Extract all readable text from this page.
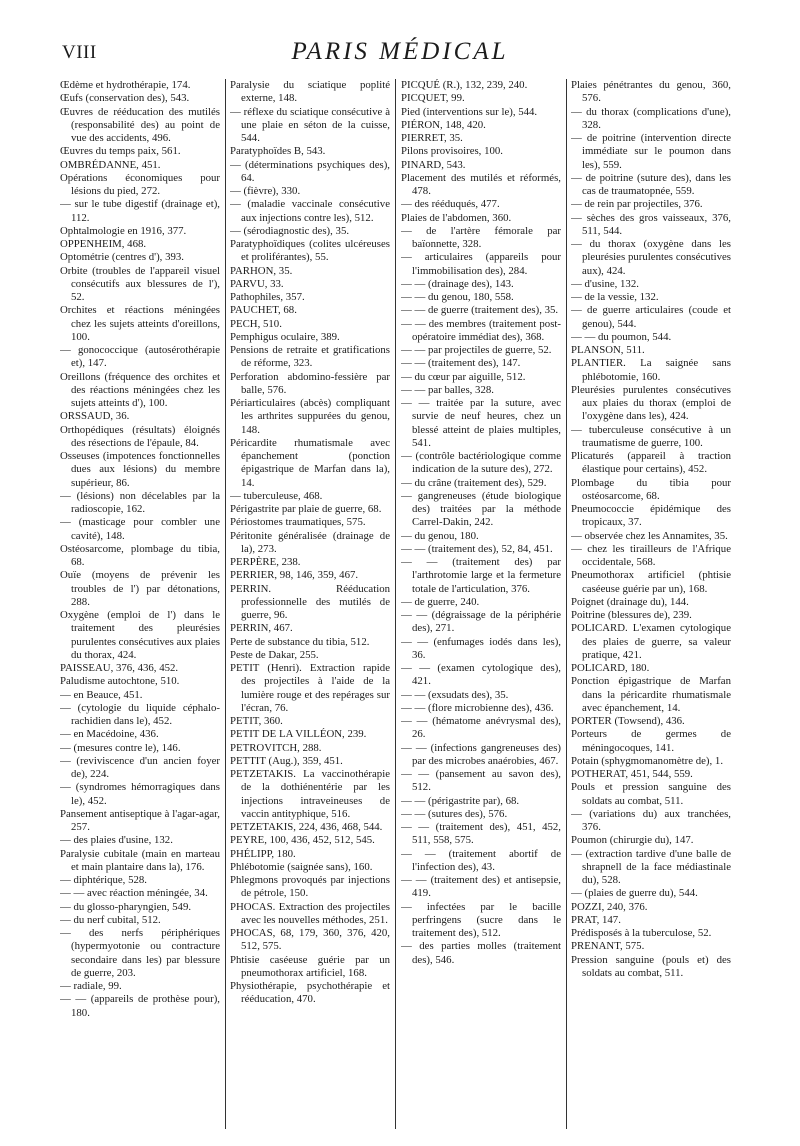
VIII	PARIS MÉDICAL

Œdème et hydrothérapie, 174.

Œufs (conservation des), 543.

Œuvres de rééducation des mutilés (responsabilité des) au point de vue des accidents, 496.

Œuvres du temps paix, 561.

OMBRÉDANNE, 451.

Opérations économiques pour lésions du pied, 272.

— sur le tube digestif (drainage et), 112.

Ophtalmologie en 1916, 377.

OPPENHEIM, 468.

Optométrie (centres d'), 393.

Orbite (troubles de l'appareil visuel consécutifs aux blessures de l'), 52.

Orchites et réactions méningées chez les sujets atteints d'oreillons, 100.

— gonococcique (autosérothérapie et), 147.

Oreillons (fréquence des orchites et des réactions méningées chez les sujets atteints d'), 100.

ORSSAUD, 36.

Orthopédiques (résultats) éloignés des résections de l'épaule, 84.

Osseuses (impotences fonctionnelles dues aux lésions) du membre supérieur, 86.

— (lésions) non décelables par la radioscopie, 162.

— (masticage pour combler une cavité), 148.

Ostéosarcome, plombage du tibia, 68.

Ouïe (moyens de prévenir les troubles de l') par détonations, 288.

Oxygène (emploi de l') dans le traitement des pleurésies purulentes consécutives aux plaies du thorax, 424.

PAISSEAU, 376, 436, 452.

Paludisme autochtone, 510.

— en Beauce, 451.

— (cytologie du liquide céphalo-rachidien dans le), 452.

— en Macédoine, 436.

— (mesures contre le), 146.

— (reviviscence d'un ancien foyer de), 224.

— (syndromes hémorragiques dans le), 452.

Pansement antiseptique à l'agar-agar, 257.

— des plaies d'usine, 132.

Paralysie cubitale (main en marteau et main plantaire dans la), 176.

— diphtérique, 528.

— — avec réaction méningée, 34.

— du glosso-pharyngien, 549.

— du nerf cubital, 512.

— des nerfs périphériques (hypermyotonie ou contracture secondaire dans les) par blessure de guerre, 203.

— radiale, 99.

— — (appareils de prothèse pour), 180.

Paralysie du sciatique poplité externe, 148.

— réflexe du sciatique consécutive à une plaie en séton de la cuisse, 544.

Paratyphoïdes B, 543.

— (déterminations psychiques des), 64.

— (fièvre), 330.

— (maladie vaccinale consécutive aux injections contre les), 512.

— (sérodiagnostic des), 35.

Paratyphoïdiques (colites ulcéreuses et proliférantes), 55.

PARHON, 35.

PARVU, 33.

Pathophiles, 357.

PAUCHET, 68.

PECH, 510.

Pemphigus oculaire, 389.

Pensions de retraite et gratifications de réforme, 323.

Perforation abdomino-fessière par balle, 576.

Périarticulaires (abcès) compliquant les arthrites suppurées du genou, 148.

Péricardite rhumatismale avec épanchement (ponction épigastrique de Marfan dans la), 14.

— tuberculeuse, 468.

Périgastrite par plaie de guerre, 68.

Périostomes traumatiques, 575.

Péritonite généralisée (drainage de la), 273.

PERPÈRE, 238.

PERRIER, 98, 146, 359, 467.

PERRIN. Rééducation professionnelle des mutilés de guerre, 96.

PERRIN, 467.

Perte de substance du tibia, 512.

Peste de Dakar, 255.

PETIT (Henri). Extraction rapide des projectiles à l'aide de la lumière rouge et des repérages sur l'écran, 76.

PETIT, 360.

PETIT DE LA VILLÉON, 239.

PETROVITCH, 288.

PETTIT (Aug.), 359, 451.

PETZETAKIS. La vaccinothérapie de la dothiénentérie par les injections intraveineuses de vaccin antityphique, 516.

PETZETAKIS, 224, 436, 468, 544.

PEYRE, 100, 436, 452, 512, 545.

PHÉLIPP, 180.

Phlébotomie (saignée sans), 160.

Phlegmons provoqués par injections de pétrole, 150.

PHOCAS. Extraction des projectiles avec les nouvelles méthodes, 251.

PHOCAS, 68, 179, 360, 376, 420, 512, 575.

Phtisie caséeuse guérie par un pneumothorax artificiel, 168.

Physiothérapie, psychothérapie et rééducation, 470.

PICQUÉ (R.), 132, 239, 240.

PICQUET, 99.

Pied (interventions sur le), 544.

PIÉRON, 148, 420.

PIERRET, 35.

Pilons provisoires, 100.

PINARD, 543.

Placement des mutilés et réformés, 478.

— des rééduqués, 477.

Plaies de l'abdomen, 360.

— de l'artère fémorale par baïonnette, 328.

— articulaires (appareils pour l'immobilisation des), 284.

— — (drainage des), 143.

— — du genou, 180, 558.

— — de guerre (traitement des), 35.

— — des membres (traitement post-opératoire immédiat des), 368.

— — par projectiles de guerre, 52.

— — (traitement des), 147.

— du cœur par aiguille, 512.

— — par balles, 328.

— — traitée par la suture, avec survie de neuf heures, chez un blessé atteint de plaies multiples, 541.

— (contrôle bactériologique comme indication de la suture des), 272.

— du crâne (traitement des), 529.

— gangreneuses (étude biologique des) traitées par la méthode Carrel-Dakin, 242.

— du genou, 180.

— — (traitement des), 52, 84, 451.

— — (traitement des) par l'arthrotomie large et la fermeture totale de l'articulation, 376.

— de guerre, 240.

— — (dégraissage de la périphérie des), 271.

— — (enfumages iodés dans les), 36.

— — (examen cytologique des), 421.

— — (exsudats des), 35.

— — (flore microbienne des), 436.

— — (hématome anévrysmal des), 26.

— — (infections gangreneuses des) par des microbes anaérobies, 467.

— — (pansement au savon des), 512.

— — (périgastrite par), 68.

— — (sutures des), 576.

— — (traitement des), 451, 452, 511, 558, 575.

— — (traitement abortif de l'infection des), 43.

— — (traitement des) et antisepsie, 419.

— infectées par le bacille perfringens (sucre dans le traitement des), 512.

— des parties molles (traitement des), 546.

Plaies pénétrantes du genou, 360, 576.

— du thorax (complications d'une), 328.

— de poitrine (intervention directe immédiate sur le poumon dans les), 559.

— de poitrine (suture des), dans les cas de traumatopnée, 559.

— de rein par projectiles, 376.

— sèches des gros vaisseaux, 376, 511, 544.

— du thorax (oxygène dans les pleurésies purulentes consécutives aux), 424.

— d'usine, 132.

— de la vessie, 132.

— de guerre articulaires (coude et genou), 544.

— — du poumon, 544.

PLANSON, 511.

PLANTIER. La saignée sans phlébotomie, 160.

Pleurésies purulentes consécutives aux plaies du thorax (emploi de l'oxygène dans les), 424.

— tuberculeuse consécutive à un traumatisme de guerre, 100.

Plicaturés (appareil à traction élastique pour certains), 452.

Plombage du tibia pour ostéosarcome, 68.

Pneumococcie épidémique des tropicaux, 37.

— observée chez les Annamites, 35.

— chez les tirailleurs de l'Afrique occidentale, 568.

Pneumothorax artificiel (phtisie caséeuse guérie par un), 168.

Poignet (drainage du), 144.

Poitrine (blessures de), 239.

POLICARD. L'examen cytologique des plaies de guerre, sa valeur pratique, 421.

POLICARD, 180.

Ponction épigastrique de Marfan dans la péricardite rhumatismale avec épanchement, 14.

PORTER (Towsend), 436.

Porteurs de germes de méningocoques, 141.

Potain (sphygmomanomètre de), 1.

POTHERAT, 451, 544, 559.

Pouls et pression sanguine des soldats au combat, 511.

— (variations du) aux tranchées, 376.

Poumon (chirurgie du), 147.

— (extraction tardive d'une balle de shrapnell de la face médiastinale du), 528.

— (plaies de guerre du), 544.

POZZI, 240, 376.

PRAT, 147.

Prédisposés à la tuberculose, 52.

PRENANT, 575.

Pression sanguine (pouls et) des soldats au combat, 511.
